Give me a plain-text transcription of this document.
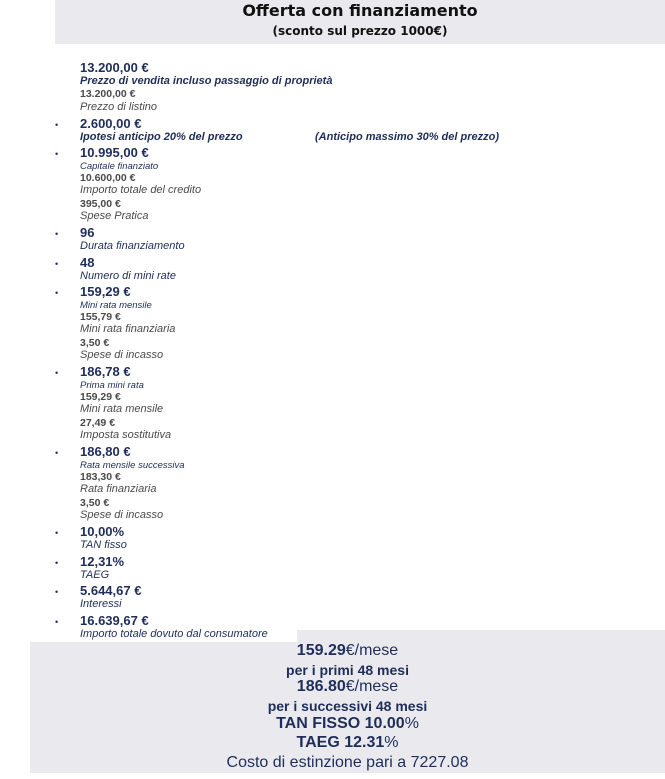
Offerta con finanziamento
(sconto sul prezzo 1000€)
13.200,00 €
Prezzo di vendita incluso passaggio di proprietà
13.200,00 €
Prezzo di listino
•	2.600,00 €
Ipotesi anticipo 20% del prezzo	(Anticipo massimo 30% del prezzo)
•	10.995,00 €
Capitale finanziato
10.600,00 €
Importo totale del credito
395,00 €
Spese Pratica
•	96
Durata finanziamento
•	48
Numero di mini rate
•	159,29 €
Mini rata mensile
155,79 €
Mini rata finanziaria
3,50 €
Spese di incasso
•	186,78 €
Prima mini rata
159,29 €
Mini rata mensile
27,49 €
Imposta sostitutiva
•	186,80 €
Rata mensile successiva
183,30 €
Rata finanziaria
3,50 €
Spese di incasso
•	10,00%
TAN fisso
•	12,31%
TAEG
•	5.644,67 €
Interessi
•	16.639,67 €
Importo totale dovuto dal consumatore
159.29€/mese
per i primi 48 mesi
186.80€/mese
per i successivi 48 mesi
TAN FISSO 10.00%
TAEG 12.31%
Costo di estinzione pari a 7227.08
